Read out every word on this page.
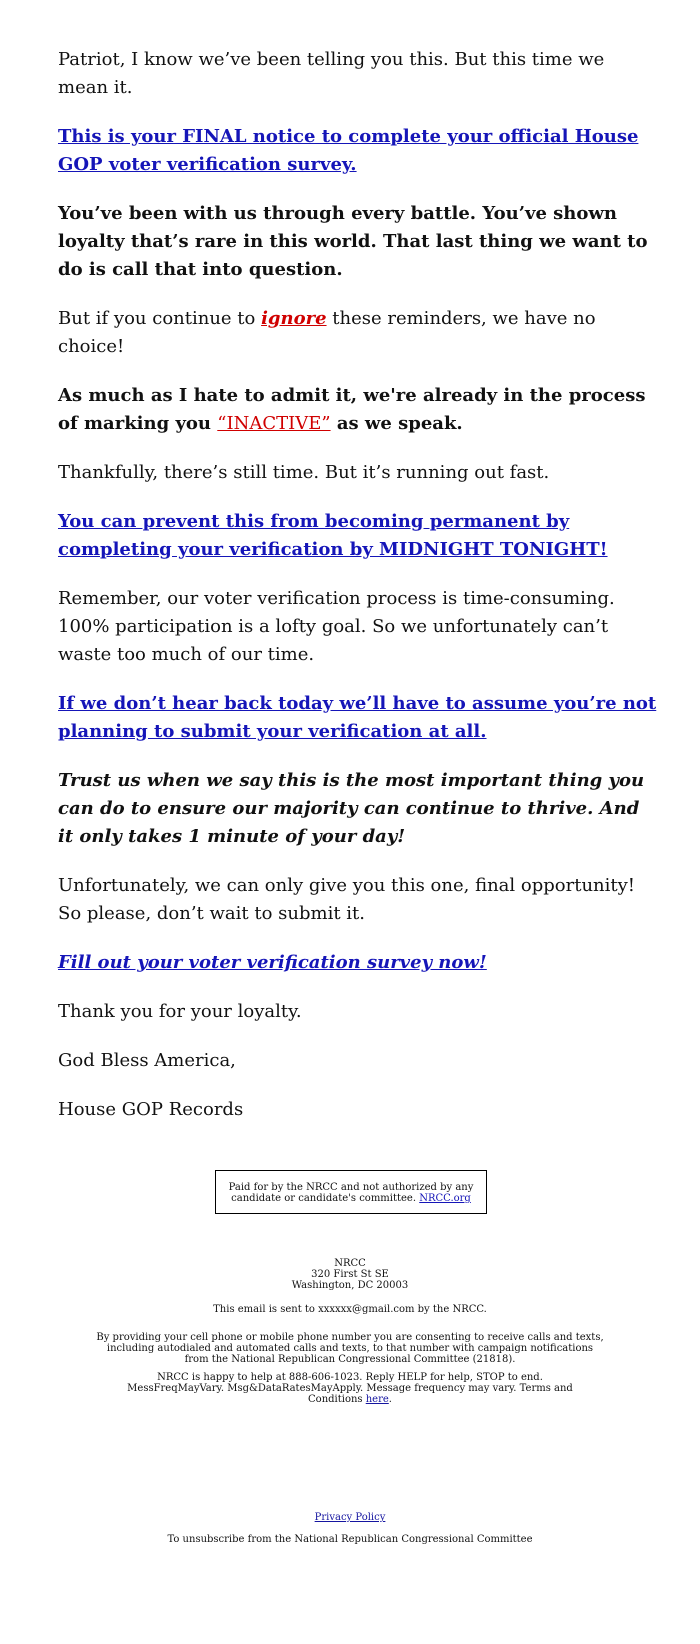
Patriot, I know we’ve been telling you this. But this time we mean it.

This is your FINAL notice to complete your official House GOP voter verification survey.

You’ve been with us through every battle. You’ve shown loyalty that’s rare in this world. That last thing we want to do is call that into question.

But if you continue to ignore these reminders, we have no choice!

As much as I hate to admit it, we're already in the process of marking you “INACTIVE” as we speak.

Thankfully, there’s still time. But it’s running out fast.

You can prevent this from becoming permanent by completing your verification by MIDNIGHT TONIGHT!

Remember, our voter verification process is time-consuming. 100% participation is a lofty goal. So we unfortunately can’t waste too much of our time.

If we don’t hear back today we’ll have to assume you’re not planning to submit your verification at all.

Trust us when we say this is the most important thing you can do to ensure our majority can continue to thrive. And it only takes 1 minute of your day!

Unfortunately, we can only give you this one, final opportunity! So please, don’t wait to submit it.

Fill out your voter verification survey now!

Thank you for your loyalty.

God Bless America,

House GOP Records

Paid for by the NRCC and not authorized by any candidate or candidate's committee. NRCC.org
NRCC
320 First St SE
Washington, DC 20003
This email is sent to xxxxxx@gmail.com by the NRCC.
By providing your cell phone or mobile phone number you are consenting to receive calls and texts, including autodialed and automated calls and texts, to that number with campaign notifications from the National Republican Congressional Committee (21818).
NRCC is happy to help at 888-606-1023. Reply HELP for help, STOP to end. MessFreqMayVary. Msg&DataRatesMayApply. Message frequency may vary. Terms and Conditions here.
Privacy Policy
To unsubscribe from the National Republican Congressional Committee
